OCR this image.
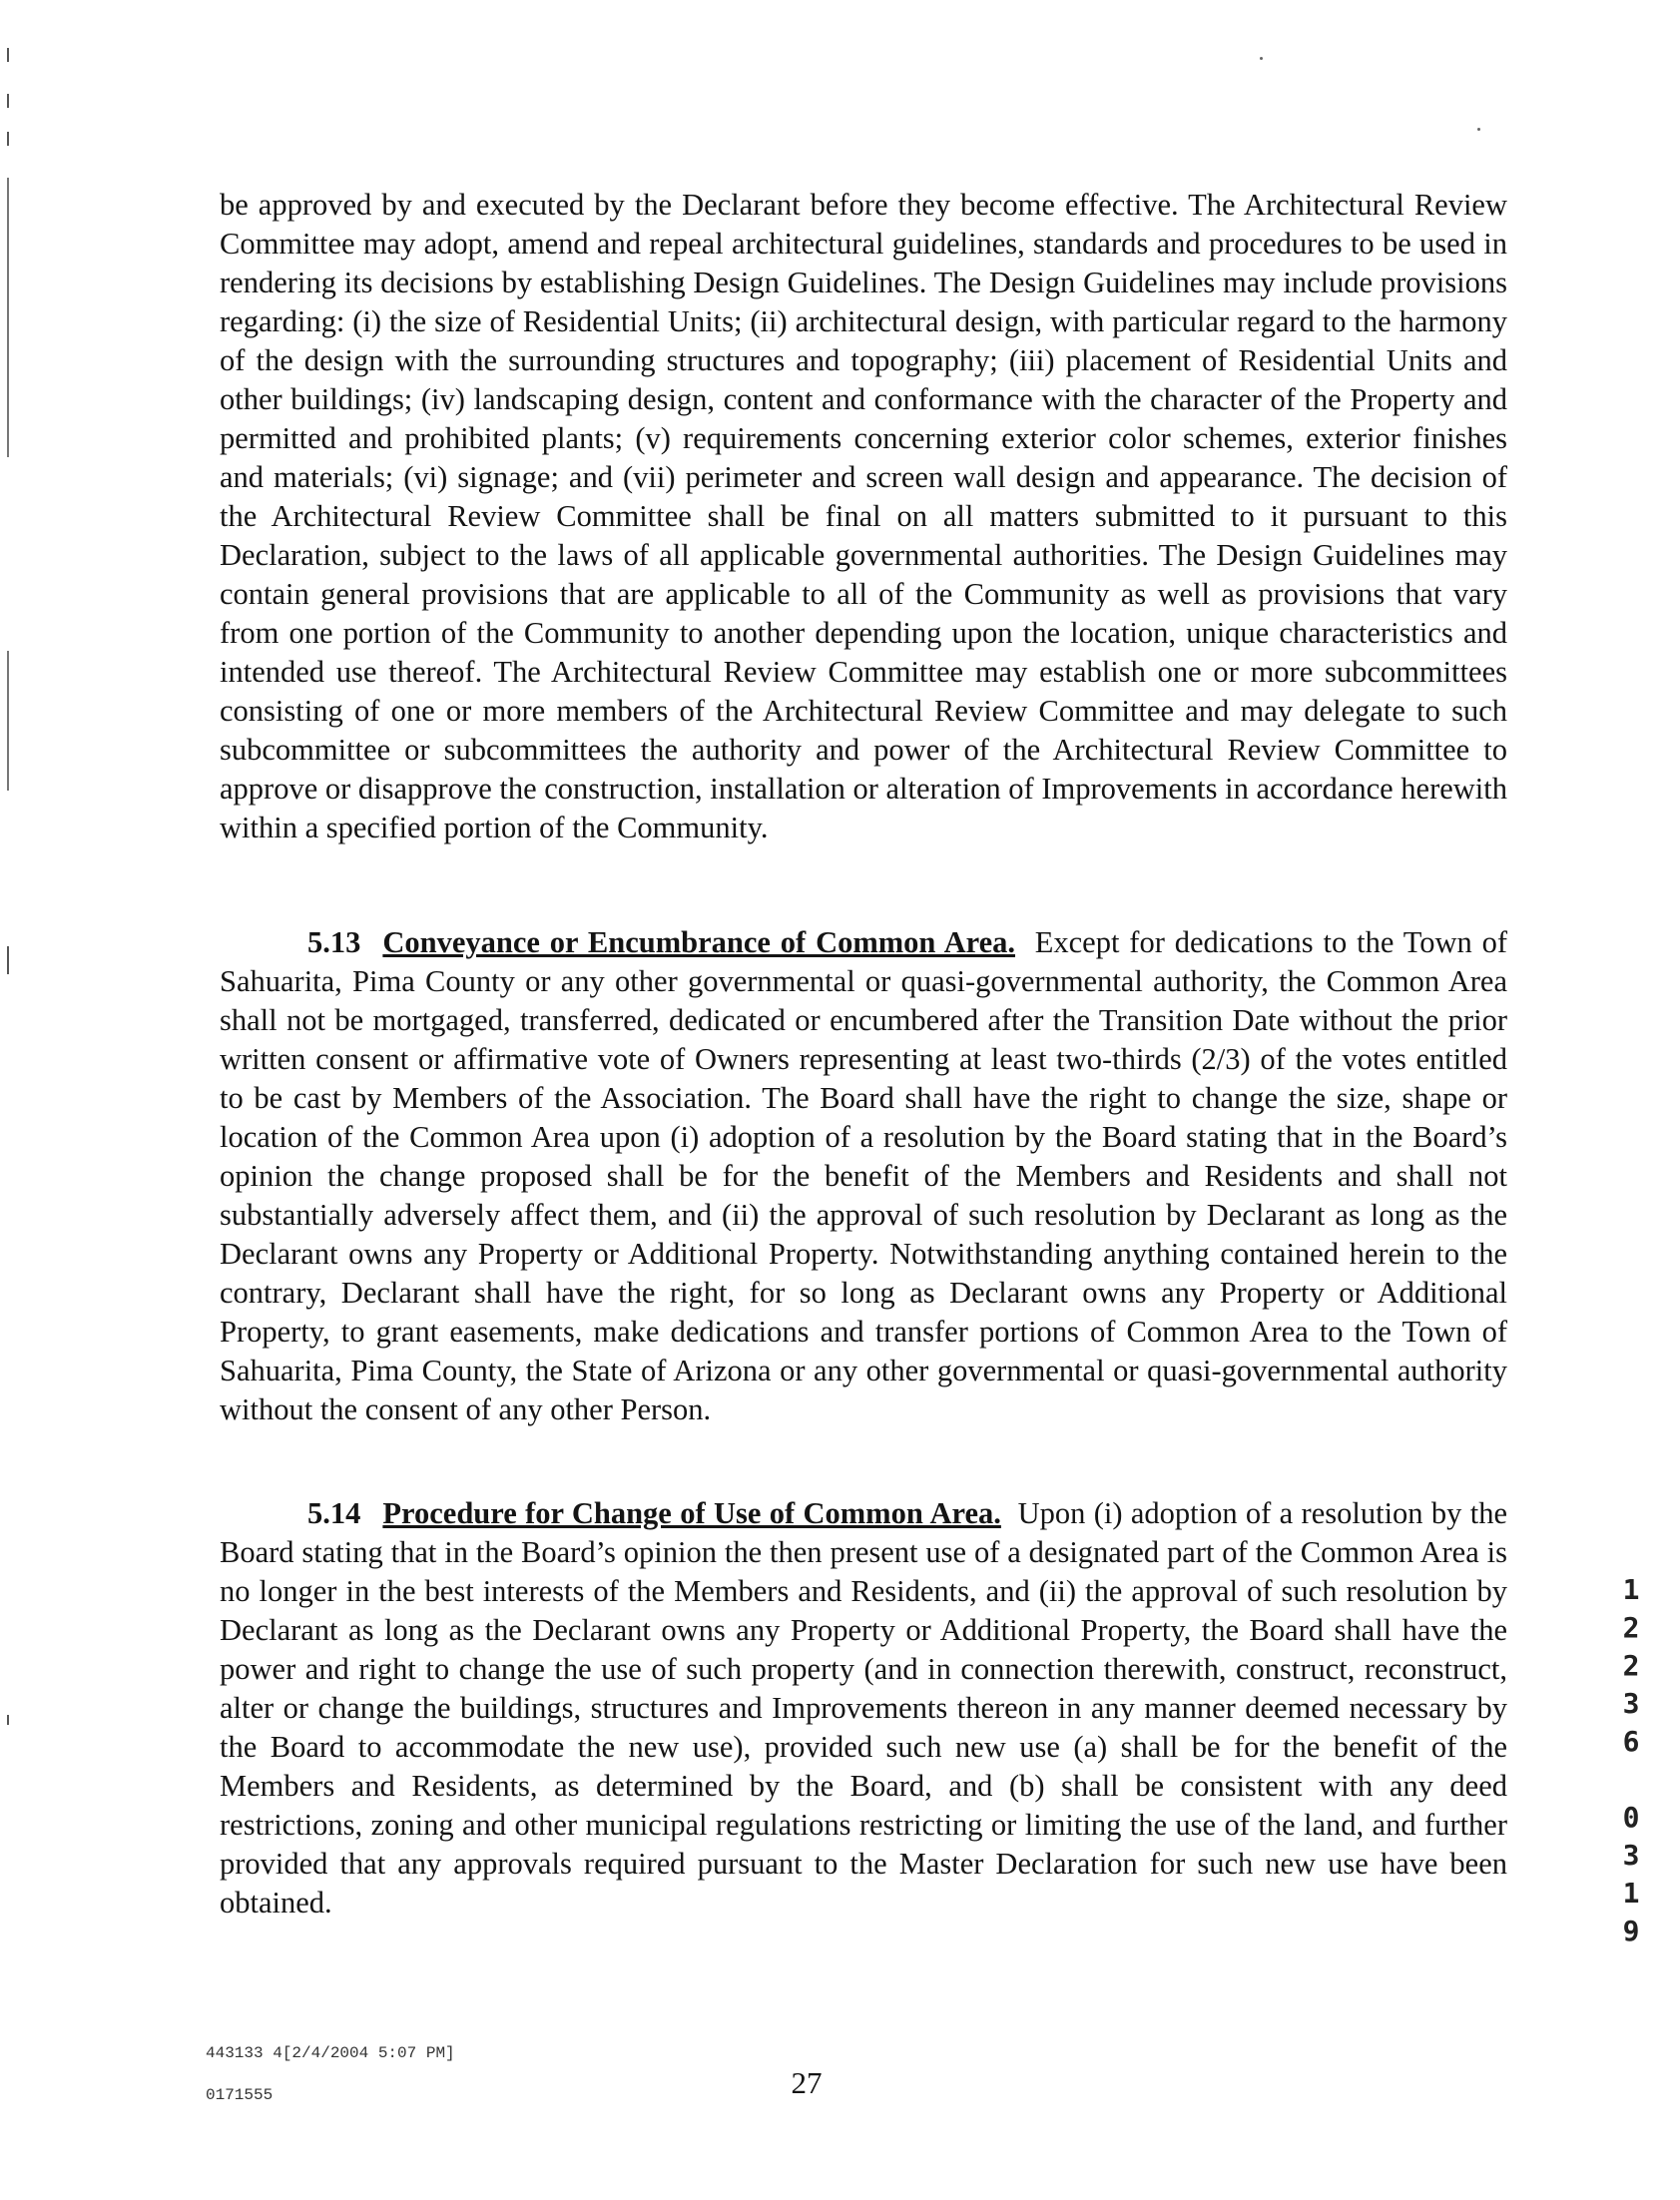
be approved by and executed by the Declarant before they become effective. The Architectural Review Committee may adopt, amend and repeal architectural guidelines, standards and procedures to be used in rendering its decisions by establishing Design Guidelines. The Design Guidelines may include provisions regarding: (i) the size of Residential Units; (ii) architectural design, with particular regard to the harmony of the design with the surrounding structures and topography; (iii) placement of Residential Units and other buildings; (iv) landscaping design, content and conformance with the character of the Property and permitted and prohibited plants; (v) requirements concerning exterior color schemes, exterior finishes and materials; (vi) signage; and (vii) perimeter and screen wall design and appearance. The decision of the Architectural Review Committee shall be final on all matters submitted to it pursuant to this Declaration, subject to the laws of all applicable governmental authorities. The Design Guidelines may contain general provisions that are applicable to all of the Community as well as provisions that vary from one portion of the Community to another depending upon the location, unique characteristics and intended use thereof. The Architectural Review Committee may establish one or more subcommittees consisting of one or more members of the Architectural Review Committee and may delegate to such subcommittee or subcommittees the authority and power of the Architectural Review Committee to approve or disapprove the construction, installation or alteration of Improvements in accordance herewith within a specified portion of the Community.

5.13 Conveyance or Encumbrance of Common Area. Except for dedications to the Town of Sahuarita, Pima County or any other governmental or quasi-governmental authority, the Common Area shall not be mortgaged, transferred, dedicated or encumbered after the Transition Date without the prior written consent or affirmative vote of Owners representing at least two-thirds (2/3) of the votes entitled to be cast by Members of the Association. The Board shall have the right to change the size, shape or location of the Common Area upon (i) adoption of a resolution by the Board stating that in the Board’s opinion the change proposed shall be for the benefit of the Members and Residents and shall not substantially adversely affect them, and (ii) the approval of such resolution by Declarant as long as the Declarant owns any Property or Additional Property. Notwithstanding anything contained herein to the contrary, Declarant shall have the right, for so long as Declarant owns any Property or Additional Property, to grant easements, make dedications and transfer portions of Common Area to the Town of Sahuarita, Pima County, the State of Arizona or any other governmental or quasi-governmental authority without the consent of any other Person.

5.14 Procedure for Change of Use of Common Area. Upon (i) adoption of a resolution by the Board stating that in the Board’s opinion the then present use of a designated part of the Common Area is no longer in the best interests of the Members and Residents, and (ii) the approval of such resolution by Declarant as long as the Declarant owns any Property or Additional Property, the Board shall have the power and right to change the use of such property (and in connection therewith, construct, reconstruct, alter or change the buildings, structures and Improvements thereon in any manner deemed necessary by the Board to accommodate the new use), provided such new use (a) shall be for the benefit of the Members and Residents, as determined by the Board, and (b) shall be consistent with any deed restrictions, zoning and other municipal regulations restricting or limiting the use of the land, and further provided that any approvals required pursuant to the Master Declaration for such new use have been obtained.

1
2
2
3
6
0
3
1
9
443133 4[2/4/2004 5:07 PM]
0171555	27
